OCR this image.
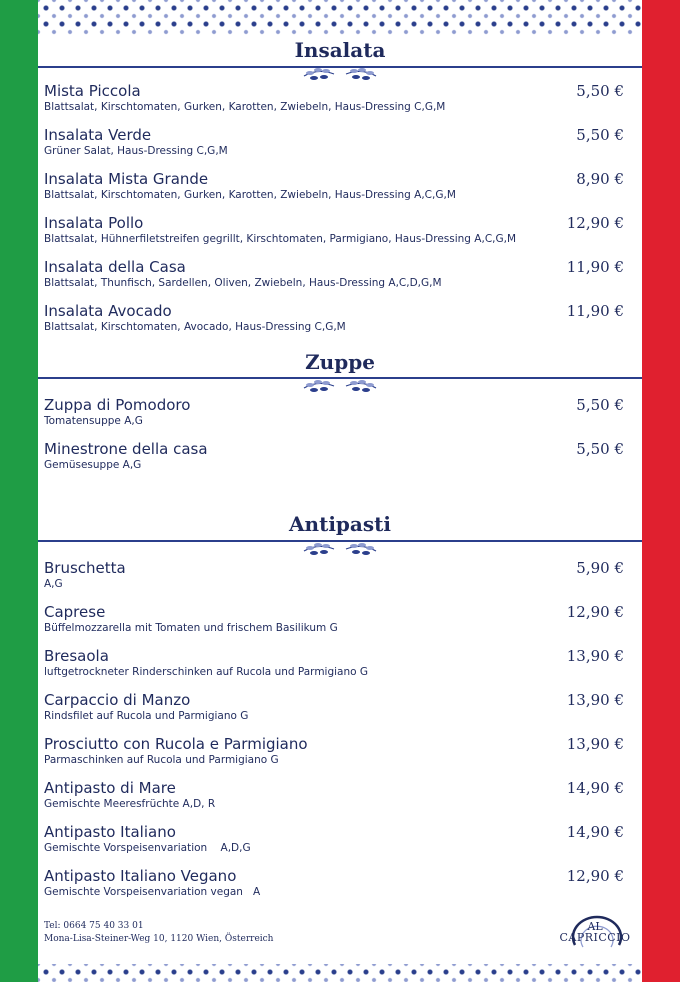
Insalata
Mista Piccola
Blattsalat, Kirschtomaten, Gurken, Karotten, Zwiebeln, Haus-Dressing C,G,M
5,50 €
Insalata Verde
Grüner Salat, Haus-Dressing C,G,M
5,50 €
Insalata Mista Grande
Blattsalat, Kirschtomaten, Gurken, Karotten, Zwiebeln, Haus-Dressing A,C,G,M
8,90 €
Insalata Pollo
Blattsalat, Hühnerfiletstreifen gegrillt, Kirschtomaten, Parmigiano, Haus-Dressing A,C,G,M
12,90 €
Insalata della Casa
Blattsalat, Thunfisch, Sardellen, Oliven, Zwiebeln, Haus-Dressing A,C,D,G,M
11,90 €
Insalata Avocado
Blattsalat, Kirschtomaten, Avocado, Haus-Dressing C,G,M
11,90 €
Zuppe
Zuppa di Pomodoro
Tomatensuppe A,G
5,50 €
Minestrone della casa
Gemüsesuppe A,G
5,50 €
Antipasti
Bruschetta
A,G
5,90 €
Caprese
Büffelmozzarella mit Tomaten und frischem Basilikum G
12,90 €
Bresaola
luftgetrockneter Rinderschinken auf Rucola und Parmigiano G
13,90 €
Carpaccio di Manzo
Rindsfilet auf Rucola und Parmigiano G
13,90 €
Prosciutto con Rucola e Parmigiano
Parmaschinken auf Rucola und Parmigiano G
13,90 €
Antipasto di Mare
Gemischte Meeresfrüchte A,D, R
14,90 €
Antipasto Italiano
Gemischte Vorspeisenvariation    A,D,G
14,90 €
Antipasto Italiano Vegano
Gemischte Vorspeisenvariation vegan   A
12,90 €
Tel: 0664 75 40 33 01
Mona-Lisa-Steiner-Weg 10, 1120 Wien, Österreich
AL
CAPRICCIO
